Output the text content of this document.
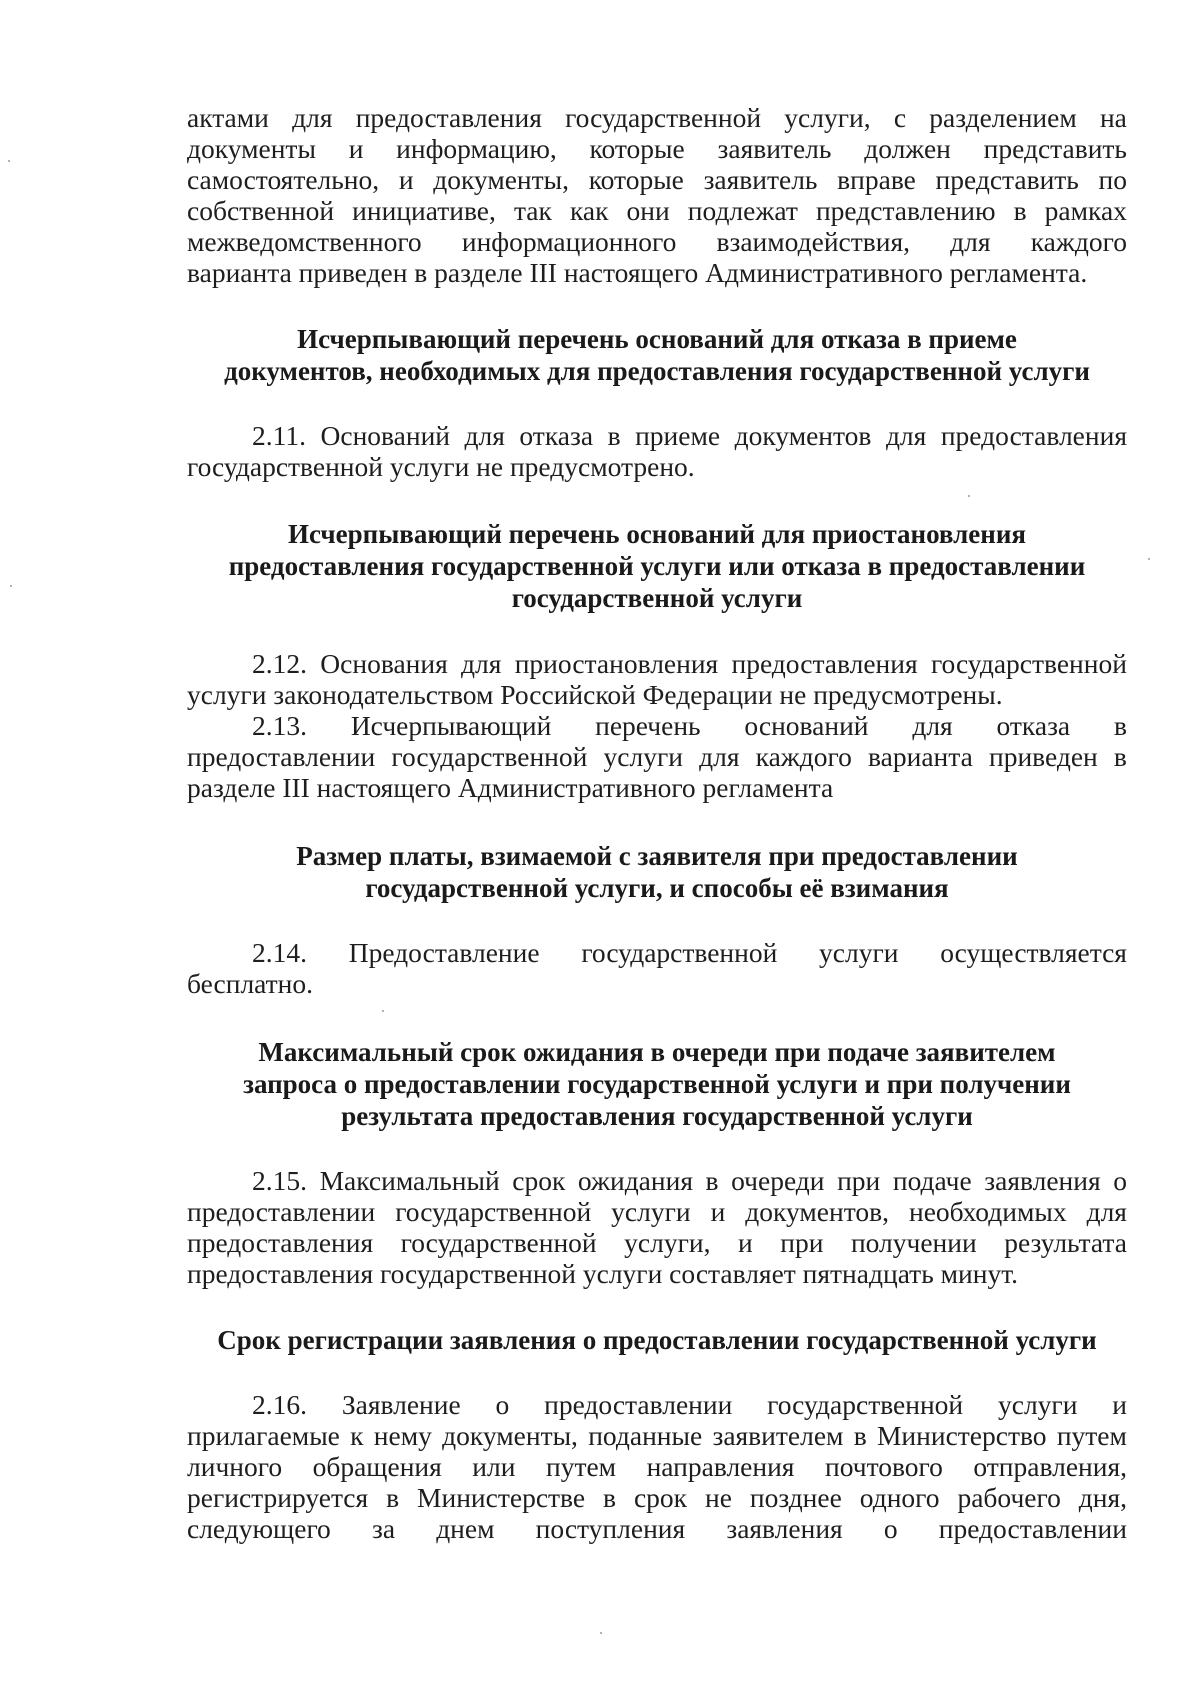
актами для предоставления государственной услуги, с разделением на
документы и информацию, которые заявитель должен представить
самостоятельно, и документы, которые заявитель вправе представить по
собственной инициативе, так как они подлежат представлению в рамках
межведомственного информационного взаимодействия, для каждого
варианта приведен в разделе III настоящего Административного регламента.
Исчерпывающий перечень оснований для отказа в приеме
документов, необходимых для предоставления государственной услуги
2.11. Оснований для отказа в приеме документов для предоставления
государственной услуги не предусмотрено.
Исчерпывающий перечень оснований для приостановления
предоставления государственной услуги или отказа в предоставлении
государственной услуги
2.12. Основания для приостановления предоставления государственной
услуги законодательством Российской Федерации не предусмотрены.
2.13. Исчерпывающий перечень оснований для отказа в
предоставлении государственной услуги для каждого варианта приведен в
разделе III настоящего Административного регламента
Размер платы, взимаемой с заявителя при предоставлении
государственной услуги, и способы её взимания
2.14. Предоставление государственной услуги осуществляется
бесплатно.
Максимальный срок ожидания в очереди при подаче заявителем
запроса о предоставлении государственной услуги и при получении
результата предоставления государственной услуги
2.15. Максимальный срок ожидания в очереди при подаче заявления о
предоставлении государственной услуги и документов, необходимых для
предоставления государственной услуги, и при получении результата
предоставления государственной услуги составляет пятнадцать минут.
Срок регистрации заявления о предоставлении государственной услуги
2.16. Заявление о предоставлении государственной услуги и
прилагаемые к нему документы, поданные заявителем в Министерство путем
личного обращения или путем направления почтового отправления,
регистрируется в Министерстве в срок не позднее одного рабочего дня,
следующего за днем поступления заявления о предоставлении
